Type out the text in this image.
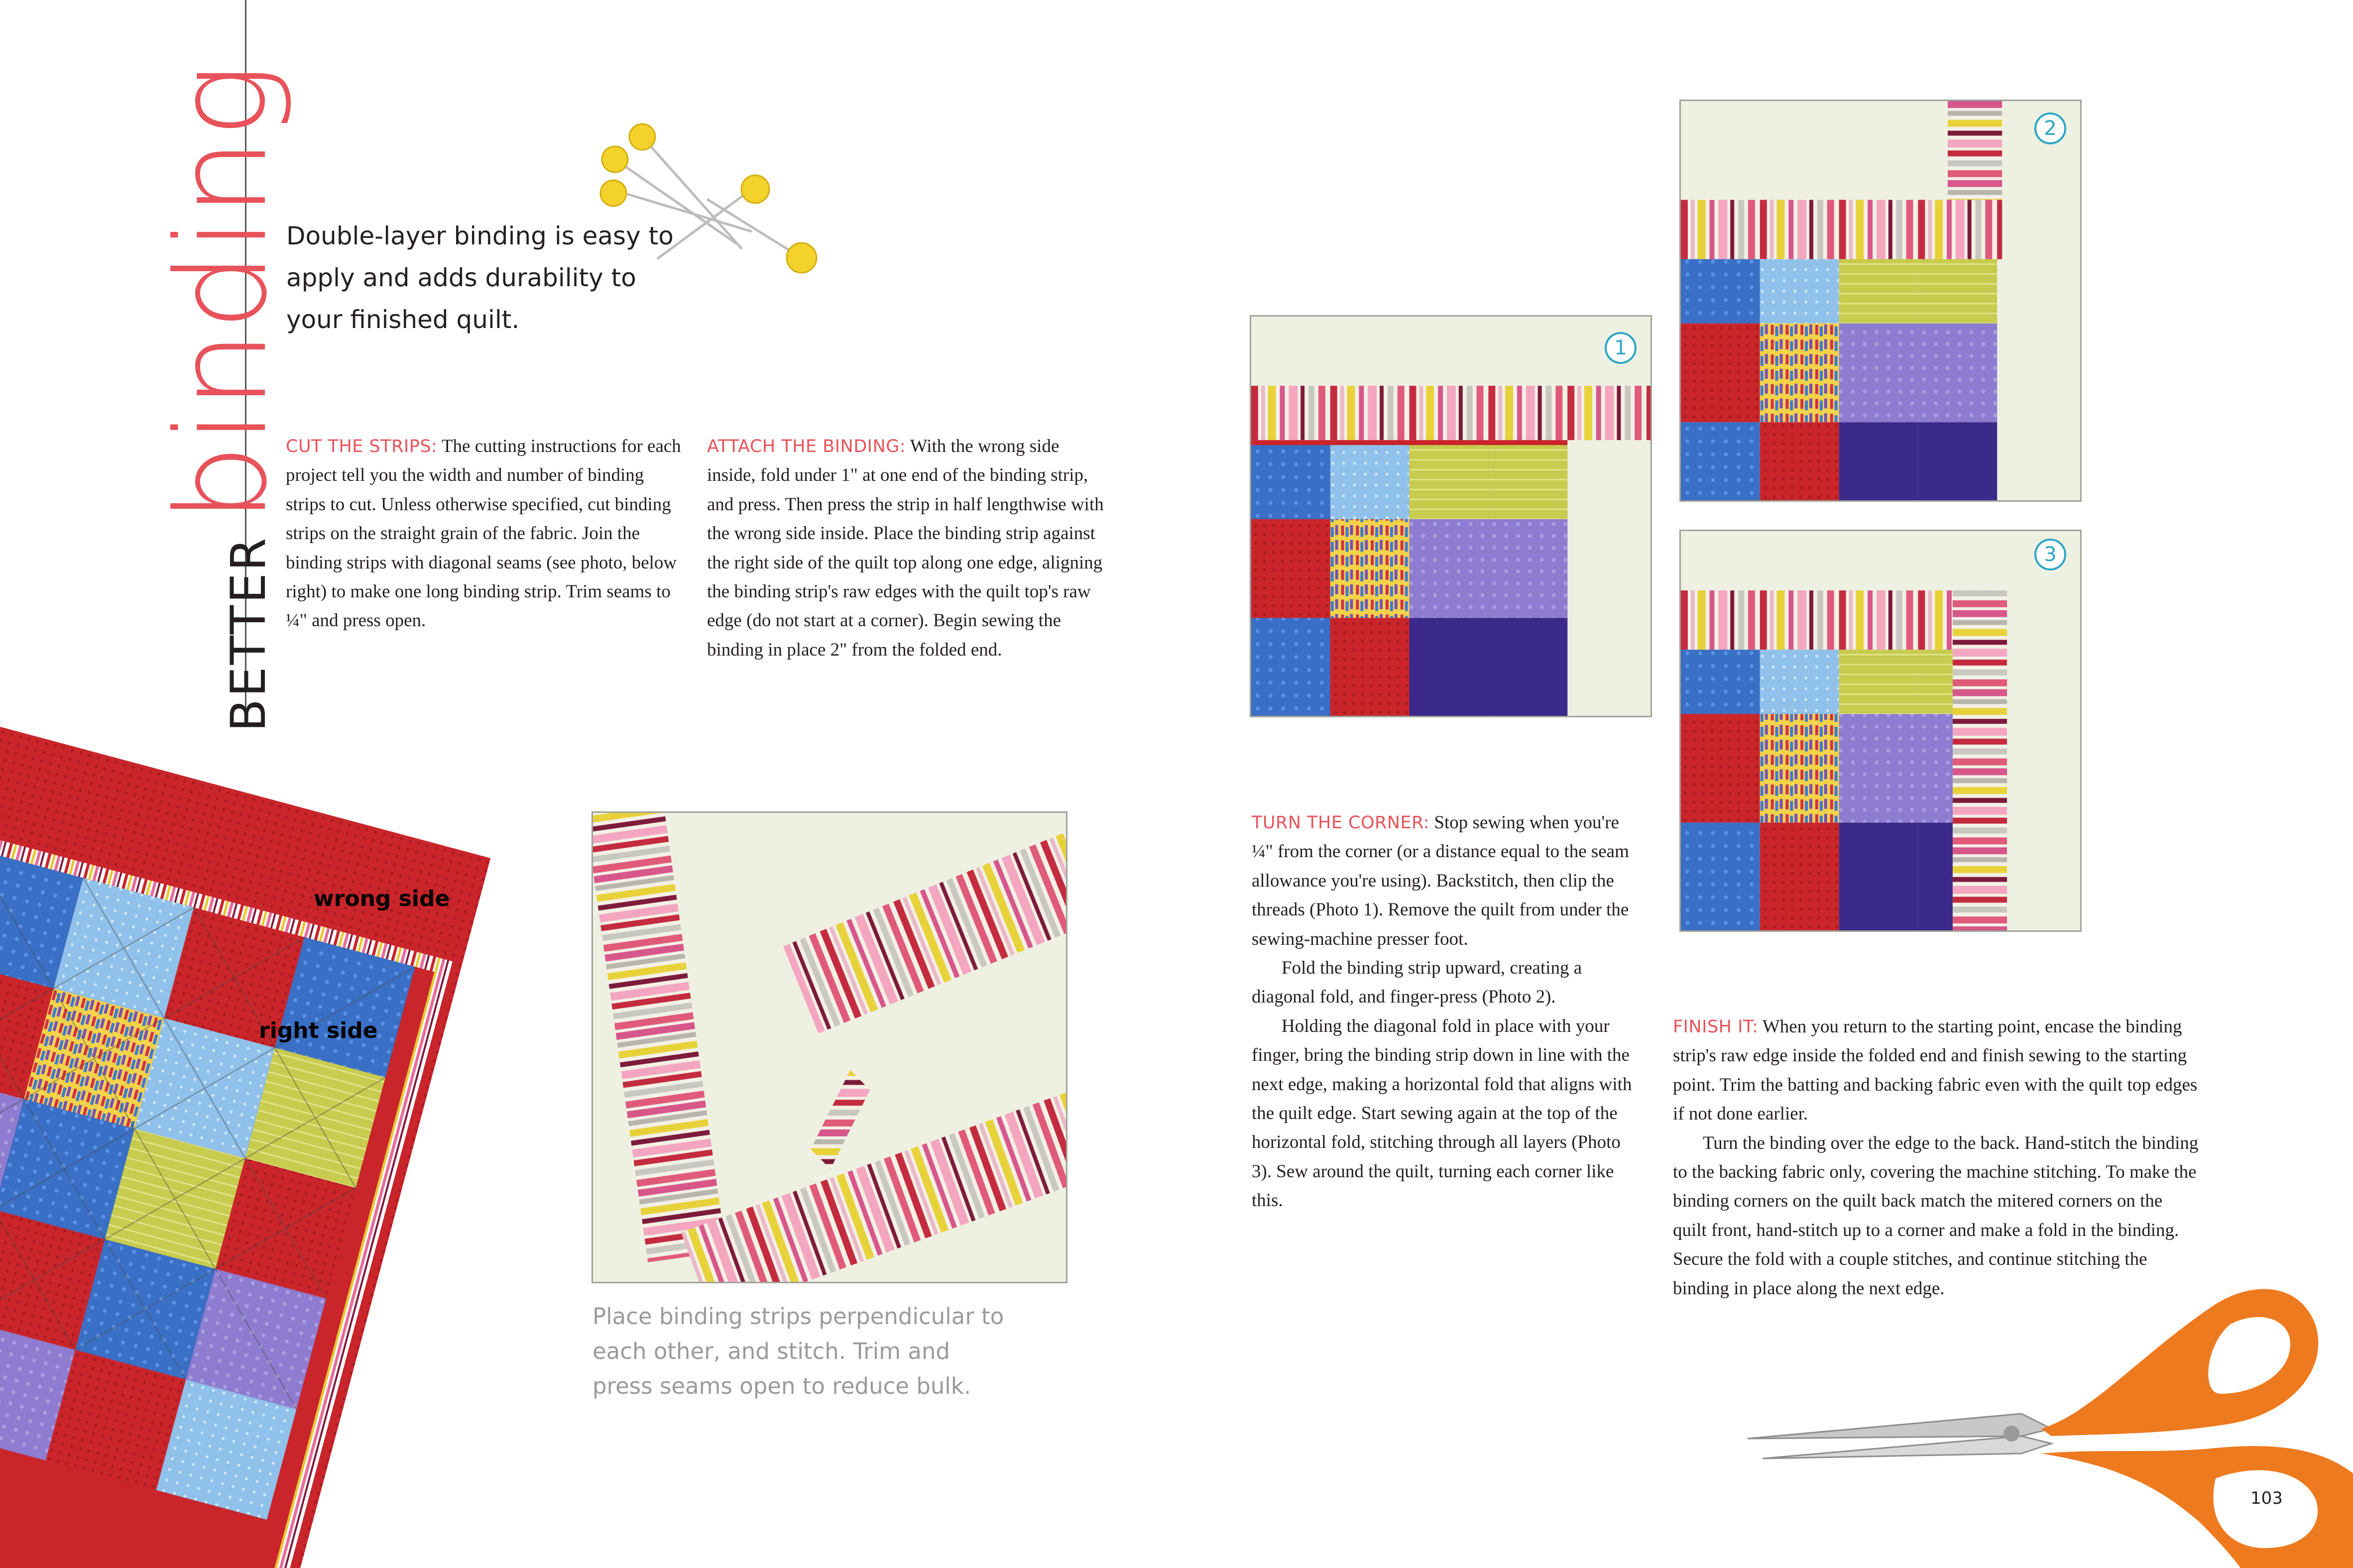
BETTERbinding
Double-layer binding is easy to apply and adds durability to your finished quilt.
CUT THE STRIPS: The cutting instructions for each project tell you the width and number of binding strips to cut. Unless otherwise specified, cut binding strips on the straight grain of the fabric. Join the binding strips with diagonal seams (see photo, below right) to make one long binding strip. Trim seams to ¼" and press open.
ATTACH THE BINDING: With the wrong side inside, fold under 1" at one end of the binding strip, and press. Then press the strip in half lengthwise with the wrong side inside. Place the binding strip against the right side of the quilt top along one edge, aligning the binding strip's raw edges with the quilt top's raw edge (do not start at a corner). Begin sewing the binding in place 2" from the folded end.
wrong side
right side
Place binding strips perpendicular to each other, and stitch. Trim and press seams open to reduce bulk.
1
2
3
TURN THE CORNER: Stop sewing when you're ¼" from the corner (or a distance equal to the seam allowance you're using). Backstitch, then clip the threads (Photo 1). Remove the quilt from under the sewing-machine presser foot.
Fold the binding strip upward, creating a diagonal fold, and finger-press (Photo 2).
Holding the diagonal fold in place with your finger, bring the binding strip down in line with the next edge, making a horizontal fold that aligns with the quilt edge. Start sewing again at the top of the horizontal fold, stitching through all layers (Photo 3). Sew around the quilt, turning each corner like this.
FINISH IT: When you return to the starting point, encase the binding strip's raw edge inside the folded end and finish sewing to the starting point. Trim the batting and backing fabric even with the quilt top edges if not done earlier.
Turn the binding over the edge to the back. Hand-stitch the binding to the backing fabric only, covering the machine stitching. To make the binding corners on the quilt back match the mitered corners on the quilt front, hand-stitch up to a corner and make a fold in the binding. Secure the fold with a couple stitches, and continue stitching the binding in place along the next edge.
103
